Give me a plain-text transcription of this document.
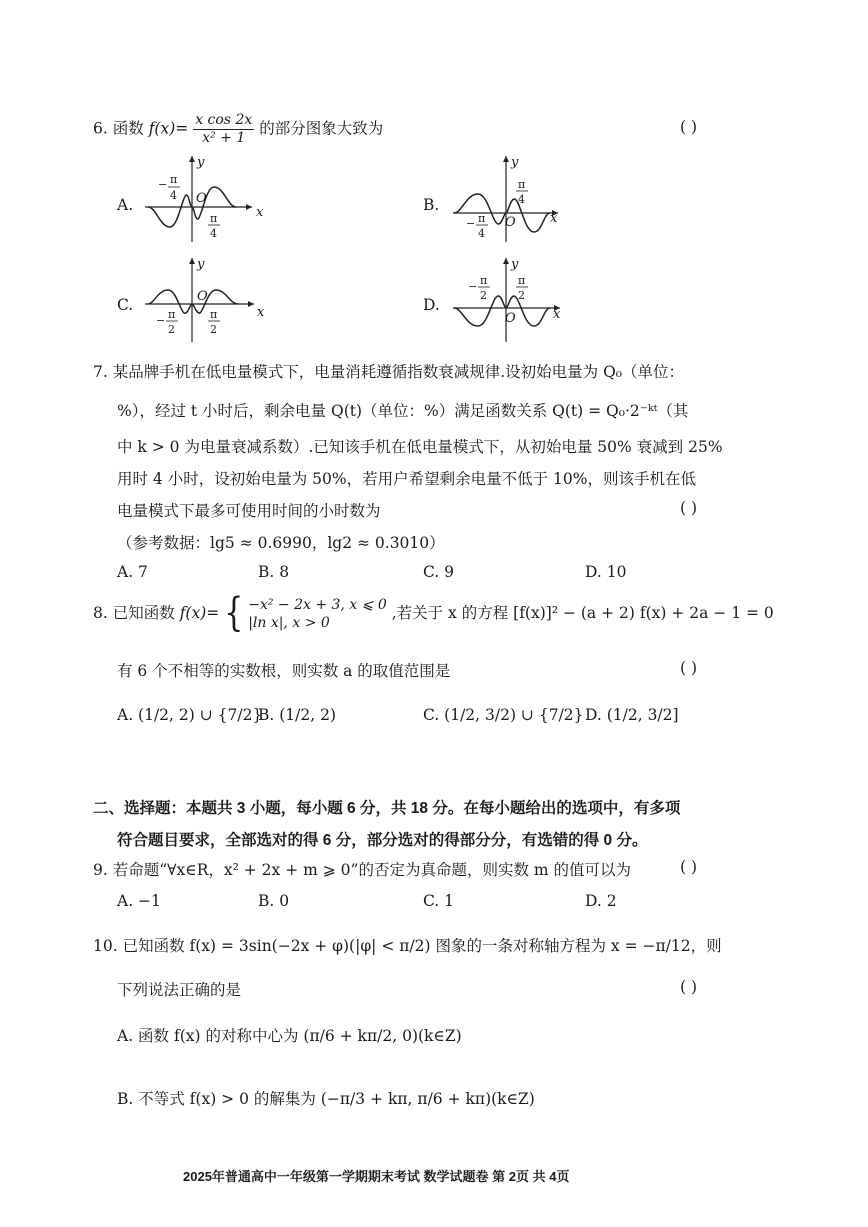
6. 函数 $f(x)= \frac{\text{x cos 2x}}{\text{x² + 1}}$ 的部分图象大致为	( )
A.	x
y
O
− π
4
π
4
B.
x
y
O
π
4
− π
4
C.	x
y
O
− π
2
π
2
D.
x
y
O
− π
2
π
2
7. 某品牌手机在低电量模式下，电量消耗遵循指数衰减规律.设初始电量为 Q₀（单位：
%），经过 t 小时后，剩余电量 Q(t)（单位：%）满足函数关系 Q(t) = Q₀·2⁻ᵏᵗ（其
中 k > 0 为电量衰减系数）.已知该手机在低电量模式下，从初始电量 50% 衰减到 25%
用时 4 小时，设初始电量为 50%，若用户希望剩余电量不低于 10%，则该手机在低
电量模式下最多可使用时间的小时数为	( )
（参考数据：lg5 ≈ 0.6990，lg2 ≈ 0.3010）
A. 7	B. 8	C. 9	D. 10
8. 已知函数 f(x)= { −x² − 2x + 3, x ⩽ 0
|ln x|, x > 0
,若关于 x 的方程 [f(x)]² − (a + 2) f(x) + 2a − 1 = 0
有 6 个不相等的实数根，则实数 a 的取值范围是	( )
A. (1/2, 2) ∪ {7/2}
B. (1/2, 2)	C. (1/2, 3/2) ∪ {7/2} D. (1/2, 3/2]
二、选择题：本题共 3 小题，每小题 6 分，共 18 分。在每小题给出的选项中，有多项
符合题目要求，全部选对的得 6 分，部分选对的得部分分，有选错的得 0 分。
9. 若命题“∀x∈R，x² + 2x + m ⩾ 0”的否定为真命题，则实数 m 的值可以为	( )
A. −1	B. 0	C. 1	D. 2
10. 已知函数 f(x) = 3sin(−2x + φ)(|φ| < π/2) 图象的一条对称轴方程为 x = −π/12，则
下列说法正确的是	( )
A. 函数 f(x) 的对称中心为 (π/6 + kπ/2, 0)(k∈Z)
B. 不等式 f(x) > 0 的解集为 (−π/3 + kπ, π/6 + kπ)(k∈Z)
2025年普通高中一年级第一学期期末考试 数学试题卷 第 2页 共 4页
